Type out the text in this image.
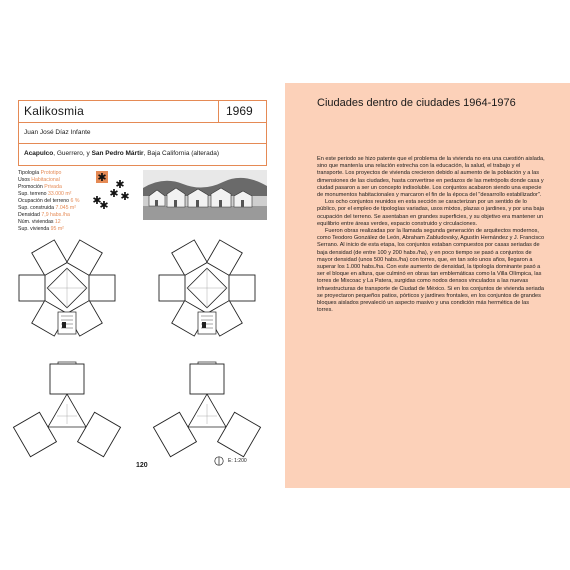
Kalikosmia	1969
Juan José Díaz Infante
Acapulco, Guerrero, y San Pedro Mártir, Baja California (alterada)
Tipología Prototipo
Usos Habitacional
Promoción Privada
Sup. terreno 33.000 m²
Ocupación del terreno 6 %
Sup. construida 7.045 m²
Densidad 7,9 habs./ha
Núm. viviendas 12
Sup. vivienda 95 m²
✱
✱
✱ ✱
✱
✱
120
E: 1:200
Ciudades dentro de ciudades 1964-1976

En este periodo se hizo patente que el problema de la vivienda no era una cuestión aislada, sino que mantenía una relación estrecha con la educación, la salud, el trabajo y el transporte. Los proyectos de vivienda crecieron debido al aumento de la población y a las dimensiones de las ciudades, hasta convertirse en pedazos de las metrópolis donde casa y ciudad pasaron a ser un concepto indisoluble. Los conjuntos acabaron siendo una especie de monumentos habitacionales y marcaron el fin de la época del "desarrollo estabilizador".

Los ocho conjuntos reunidos en esta sección se caracterizan por un sentido de lo público, por el empleo de tipologías variadas, usos mixtos, plazas o jardines, y por una baja ocupación del terreno. Se asentaban en grandes superficies, y su objetivo era mantener un equilibrio entre áreas verdes, espacio construido y circulaciones.

Fueron obras realizadas por la llamada segunda generación de arquitectos modernos, como Teodoro González de León, Abraham Zabludovsky, Agustín Hernández y J. Francisco Serrano. Al inicio de esta etapa, los conjuntos estaban compuestos por casas seriadas de baja densidad (de entre 100 y 200 habs./ha), y en poco tiempo se pasó a conjuntos de mayor densidad (unos 500 habs./ha) con torres, que, en tan solo unos años, llegaron a superar los 1.000 habs./ha. Con este aumento de densidad, la tipología dominante pasó a ser el bloque en altura, que culminó en obras tan emblemáticas como la Villa Olímpica, las torres de Mixcoac y La Patera, surgidas como nodos densos vinculados a las nuevas infraestructuras de transporte de Ciudad de México. Si en los conjuntos de vivienda seriada se proyectaron pequeños patios, pórticos y jardines frontales, en los conjuntos de grandes bloques aislados prevaleció un aspecto masivo y una condición más hermética de las torres.
